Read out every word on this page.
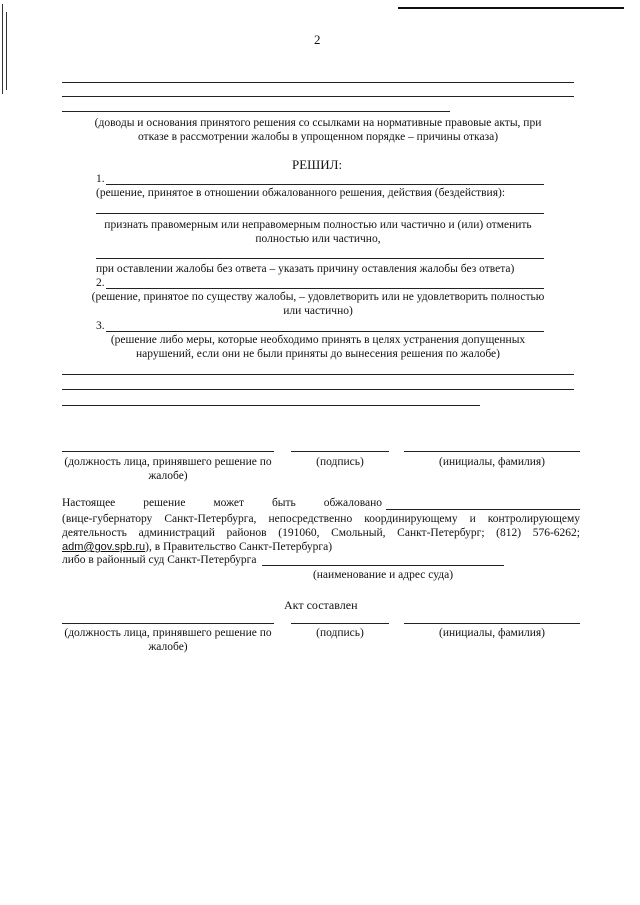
2
(доводы и основания принятого решения со ссылками на нормативные правовые акты, при
отказе в рассмотрении жалобы в упрощенном порядке – причины отказа)
РЕШИЛ:
1.
(решение, принятое в отношении обжалованного решения, действия (бездействия):
признать правомерным или неправомерным полностью или частично и (или) отменить
полностью или частично,
при оставлении жалобы без ответа – указать причину оставления жалобы без ответа)
2.
(решение, принятое по существу жалобы, – удовлетворить или не удовлетворить полностью
или частично)
3.
(решение либо меры, которые необходимо принять в целях устранения допущенных
нарушений, если они не были приняты до вынесения решения по жалобе)
(должность лица, принявшего решение по
жалобе)
(подпись)	(инициалы, фамилия)
Настоящее решение может быть обжаловано
(вице-губернатору Санкт-Петербурга, непосредственно координирующему и контролирующему
деятельность администраций районов (191060, Смольный, Санкт-Петербург; (812) 576-6262;
adm@gov.spb.ru), в Правительство Санкт-Петербурга)
либо в районный суд Санкт-Петербурга
(наименование и адрес суда)
Акт составлен
(должность лица, принявшего решение по
жалобе)
(подпись)	(инициалы, фамилия)
